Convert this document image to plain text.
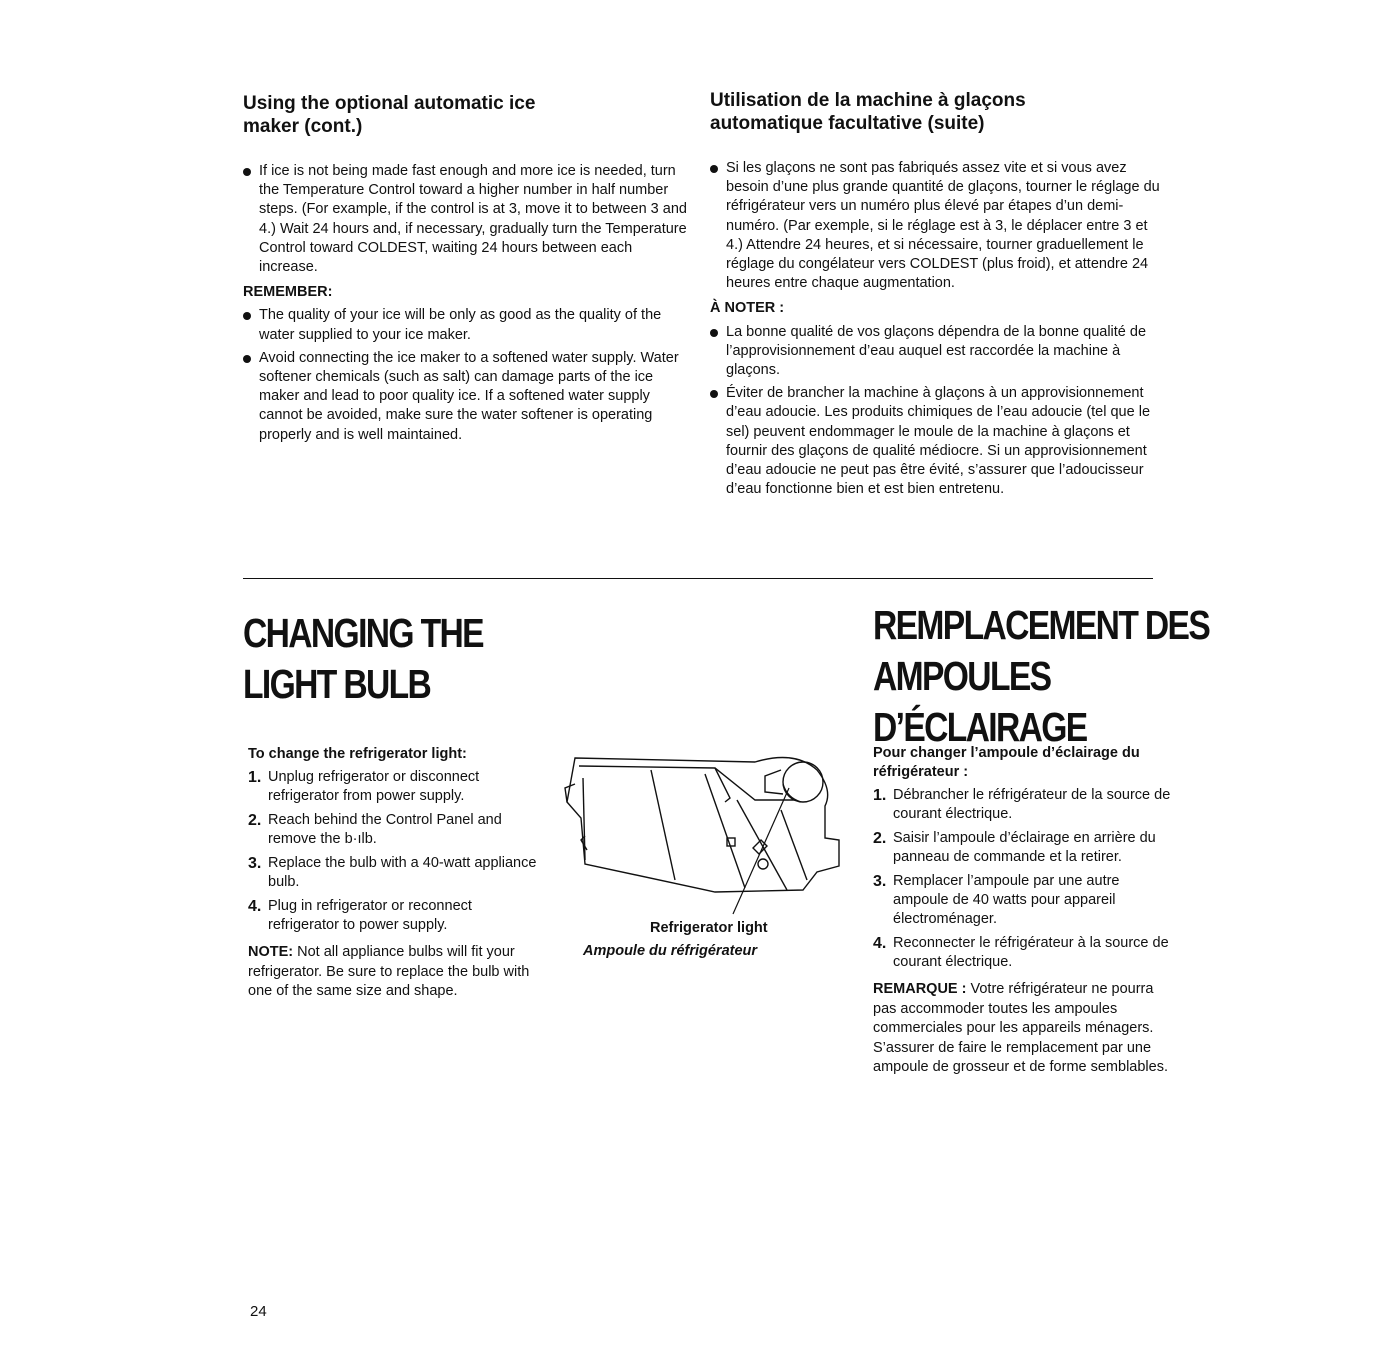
Using the optional automatic ice
maker (cont.)
If ice is not being made fast enough and more ice is needed, turn the Temperature Control toward a higher number in half number steps. (For example, if the control is at 3, move it to between 3 and 4.) Wait 24 hours and, if necessary, gradually turn the Temperature Control toward COLDEST, waiting 24 hours between each increase.
REMEMBER:
The quality of your ice will be only as good as the quality of the water supplied to your ice maker.
Avoid connecting the ice maker to a softened water supply. Water softener chemicals (such as salt) can damage parts of the ice maker and lead to poor quality ice. If a softened water supply cannot be avoided, make sure the water softener is operating properly and is well maintained.
Utilisation de la machine à glaçons
automatique facultative (suite)
Si les glaçons ne sont pas fabriqués assez vite et si vous avez besoin d’une plus grande quantité de glaçons, tourner le réglage du réfrigérateur vers un numéro plus élevé par étapes d’un demi-numéro. (Par exemple, si le réglage est à 3, le déplacer entre 3 et 4.) Attendre 24 heures, et si nécessaire, tourner graduellement le réglage du congélateur vers COLDEST (plus froid), et attendre 24 heures entre chaque augmentation.
À NOTER :
La bonne qualité de vos glaçons dépendra de la bonne qualité de l’approvisionnement d’eau auquel est raccordée la machine à glaçons.
Éviter de brancher la machine à glaçons à un approvisionnement d’eau adoucie. Les produits chimiques de l’eau adoucie (tel que le sel) peuvent endommager le moule de la machine à glaçons et fournir des glaçons de qualité médiocre. Si un approvisionnement d’eau adoucie ne peut pas être évité, s’assurer que l’adoucisseur d’eau fonctionne bien et est bien entretenu.
CHANGING THE
LIGHT BULB
REMPLACEMENT DES
AMPOULES
D’ÉCLAIRAGE

To change the refrigerator light:

1. Unplug refrigerator or disconnect refrigerator from power supply.
2. Reach behind the Control Panel and remove the b·ılb.
3. Replace the bulb with a 40-watt appliance bulb.
4. Plug in refrigerator or reconnect refrigerator to power supply.
NOTE: Not all appliance bulbs will fit your refrigerator. Be sure to replace the bulb with one of the same size and shape.
Refrigerator light
Ampoule du réfrigérateur

Pour changer l’ampoule d’éclairage du réfrigérateur :

1. Débrancher le réfrigérateur de la source de courant électrique.
2. Saisir l’ampoule d’éclairage en arrière du panneau de commande et la retirer.
3. Remplacer l’ampoule par une autre ampoule de 40 watts pour appareil électroménager.
4. Reconnecter le réfrigérateur à la source de courant électrique.
REMARQUE : Votre réfrigérateur ne pourra pas accommoder toutes les ampoules commerciales pour les appareils ménagers. S’assurer de faire le remplacement par une ampoule de grosseur et de forme semblables.
24
